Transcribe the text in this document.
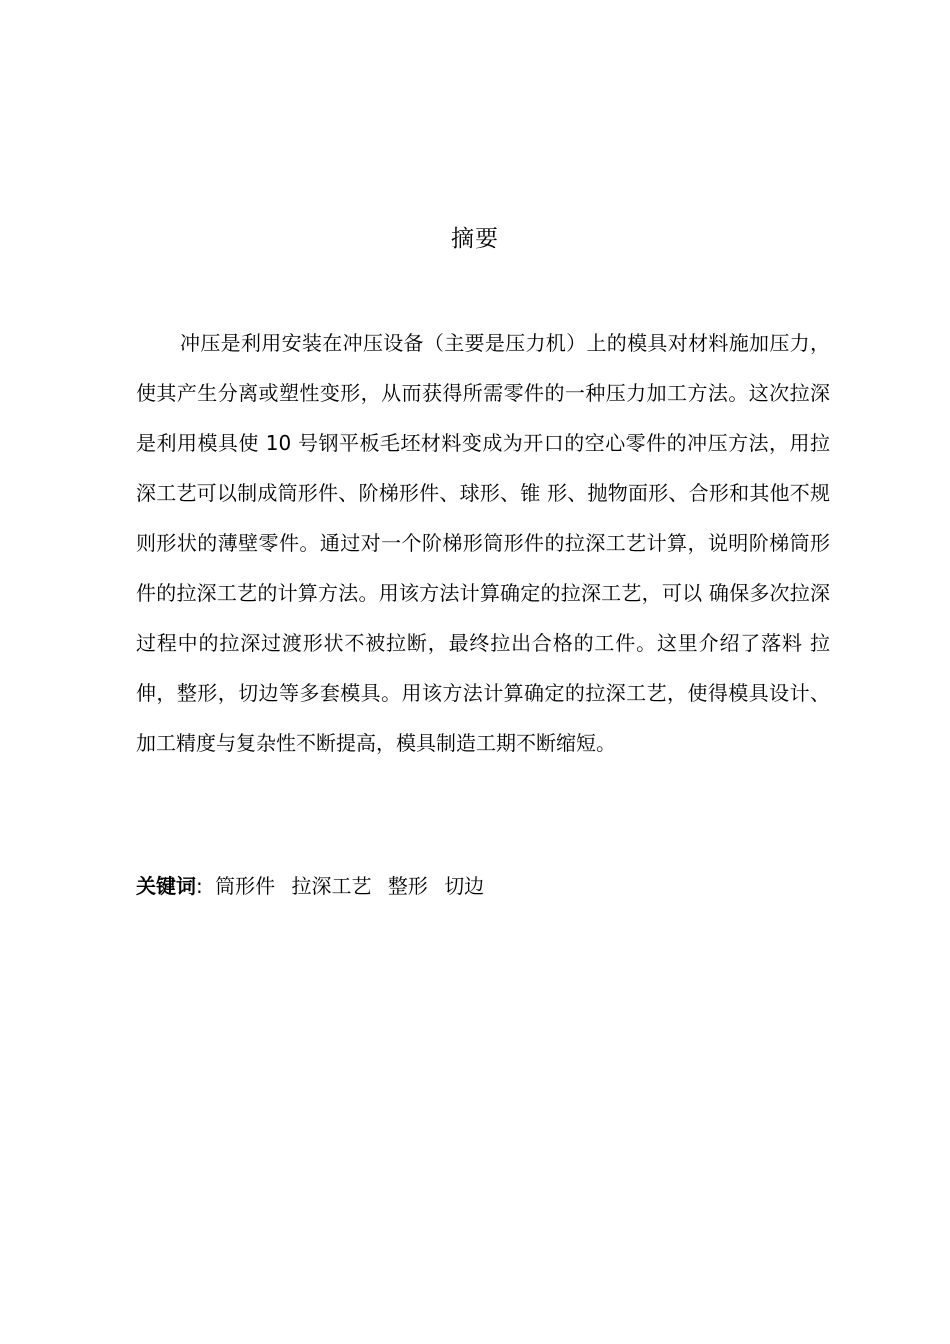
摘要

冲压是利用安装在冲压设备（主要是压力机）上的模具对材料施加压力，使其产生分离或塑性变形，从而获得所需零件的一种压力加工方法。这次拉深是利用模具使 10 号钢平板毛坯材料变成为开口的空心零件的冲压方法，用拉深工艺可以制成筒形件、阶梯形件、球形、锥 形、抛物面形、合形和其他不规则形状的薄壁零件。通过对一个阶梯形筒形件的拉深工艺计算，说明阶梯筒形件的拉深工艺的计算方法。用该方法计算确定的拉深工艺，可以 确保多次拉深过程中的拉深过渡形状不被拉断，最终拉出合格的工件。这里介绍了落料 拉伸，整形，切边等多套模具。用该方法计算确定的拉深工艺，使得模具设计、 加工精度与复杂性不断提高，模具制造工期不断缩短。

关键词: 筒形件 拉深工艺 整形 切边
